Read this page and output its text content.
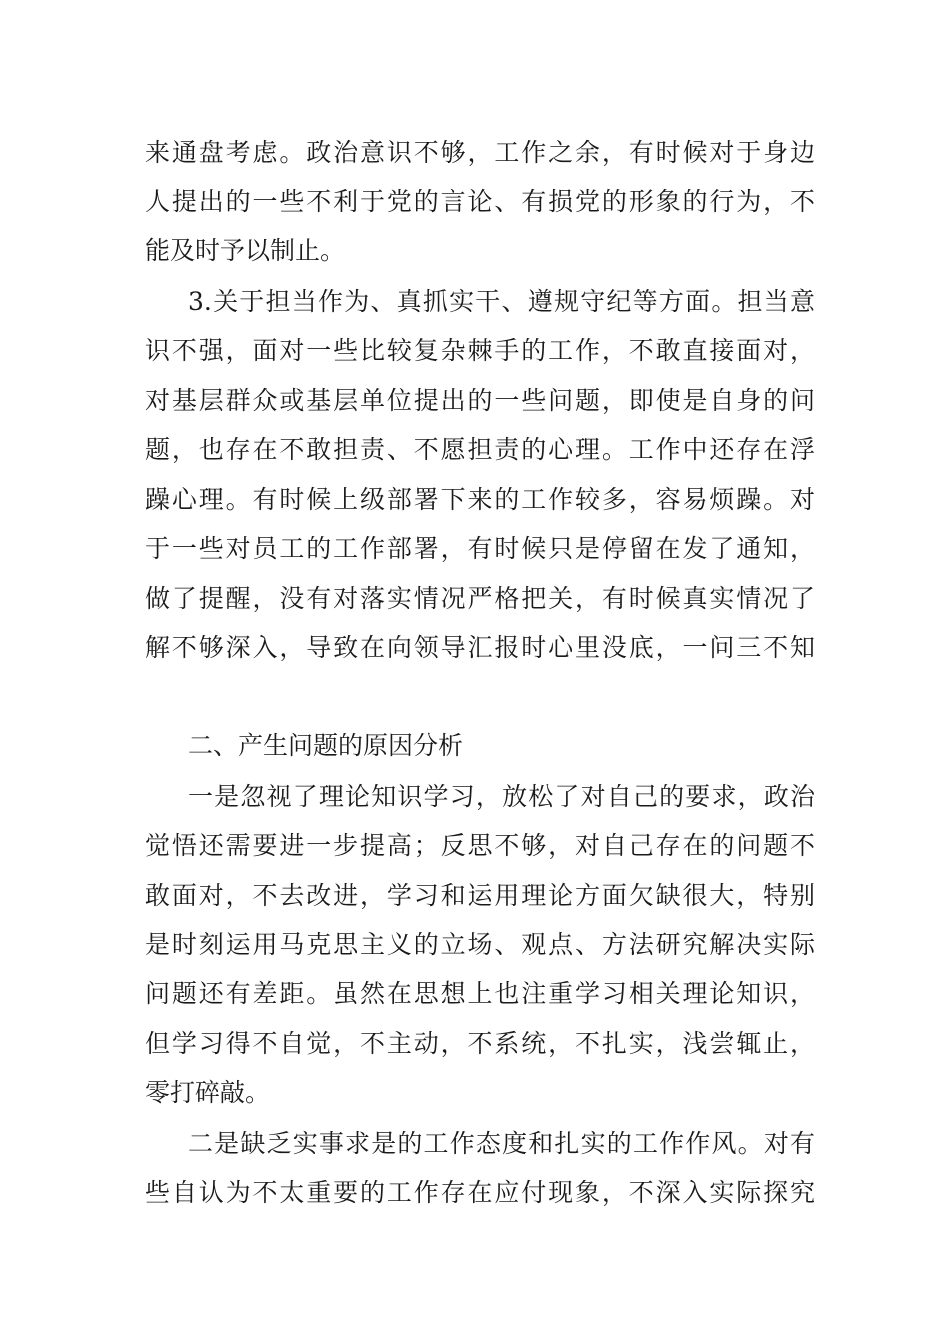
来通盘考虑。政治意识不够，工作之余，有时候对于身边
人提出的一些不利于党的言论、有损党的形象的行为，不
能及时予以制止。
3.关于担当作为、真抓实干、遵规守纪等方面。担当意
识不强，面对一些比较复杂棘手的工作，不敢直接面对，
对基层群众或基层单位提出的一些问题，即使是自身的问
题，也存在不敢担责、不愿担责的心理。工作中还存在浮
躁心理。有时候上级部署下来的工作较多，容易烦躁。对
于一些对员工的工作部署，有时候只是停留在发了通知，
做了提醒，没有对落实情况严格把关，有时候真实情况了
解不够深入，导致在向领导汇报时心里没底，一问三不知
二、产生问题的原因分析
一是忽视了理论知识学习，放松了对自己的要求，政治
觉悟还需要进一步提高；反思不够，对自己存在的问题不
敢面对，不去改进，学习和运用理论方面欠缺很大，特别
是时刻运用马克思主义的立场、观点、方法研究解决实际
问题还有差距。虽然在思想上也注重学习相关理论知识，
但学习得不自觉，不主动，不系统，不扎实，浅尝辄止，
零打碎敲。
二是缺乏实事求是的工作态度和扎实的工作作风。对有
些自认为不太重要的工作存在应付现象，不深入实际探究
